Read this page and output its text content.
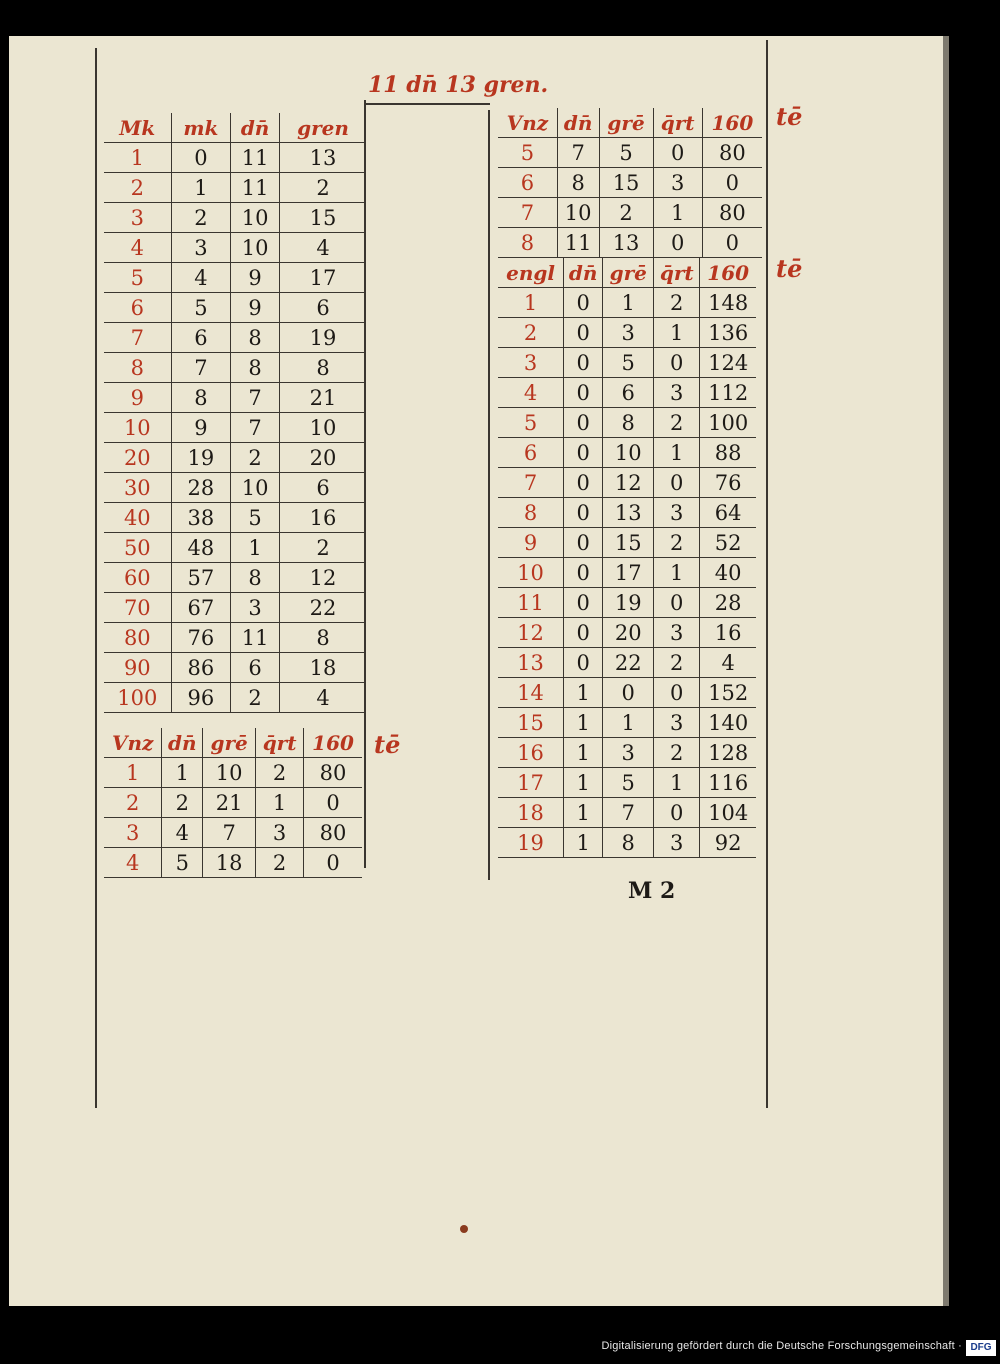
11 dn̄ 13 gren.
tē
tē
tē
Mk	mk	dn̄	gren
1	0	11	13
2	1	11	2
3	2	10	15
4	3	10	4
5	4	9	17
6	5	9	6
7	6	8	19
8	7	8	8
9	8	7	21
10	9	7	10
20	19	2	20
30	28	10	6
40	38	5	16
50	48	1	2
60	57	8	12
70	67	3	22
80	76	11	8
90	86	6	18
100	96	2	4
Vnz	dn̄	grē	q̄rt	160
1	1	10	2	80
2	2	21	1	0
3	4	7	3	80
4	5	18	2	0
Vnz	dn̄	grē	q̄rt	160
5	7	5	0	80
6	8	15	3	0
7	10	2	1	80
8	11	13	0	0
engl	dn̄	grē	q̄rt	160
1	0	1	2	148
2	0	3	1	136
3	0	5	0	124
4	0	6	3	112
5	0	8	2	100
6	0	10	1	88
7	0	12	0	76
8	0	13	3	64
9	0	15	2	52
10	0	17	1	40
11	0	19	0	28
12	0	20	3	16
13	0	22	2	4
14	1	0	0	152
15	1	1	3	140
16	1	3	2	128
17	1	5	1	116
18	1	7	0	104
19	1	8	3	92
M 2
Digitalisierung gefördert durch die Deutsche Forschungsgemeinschaft · DFG
